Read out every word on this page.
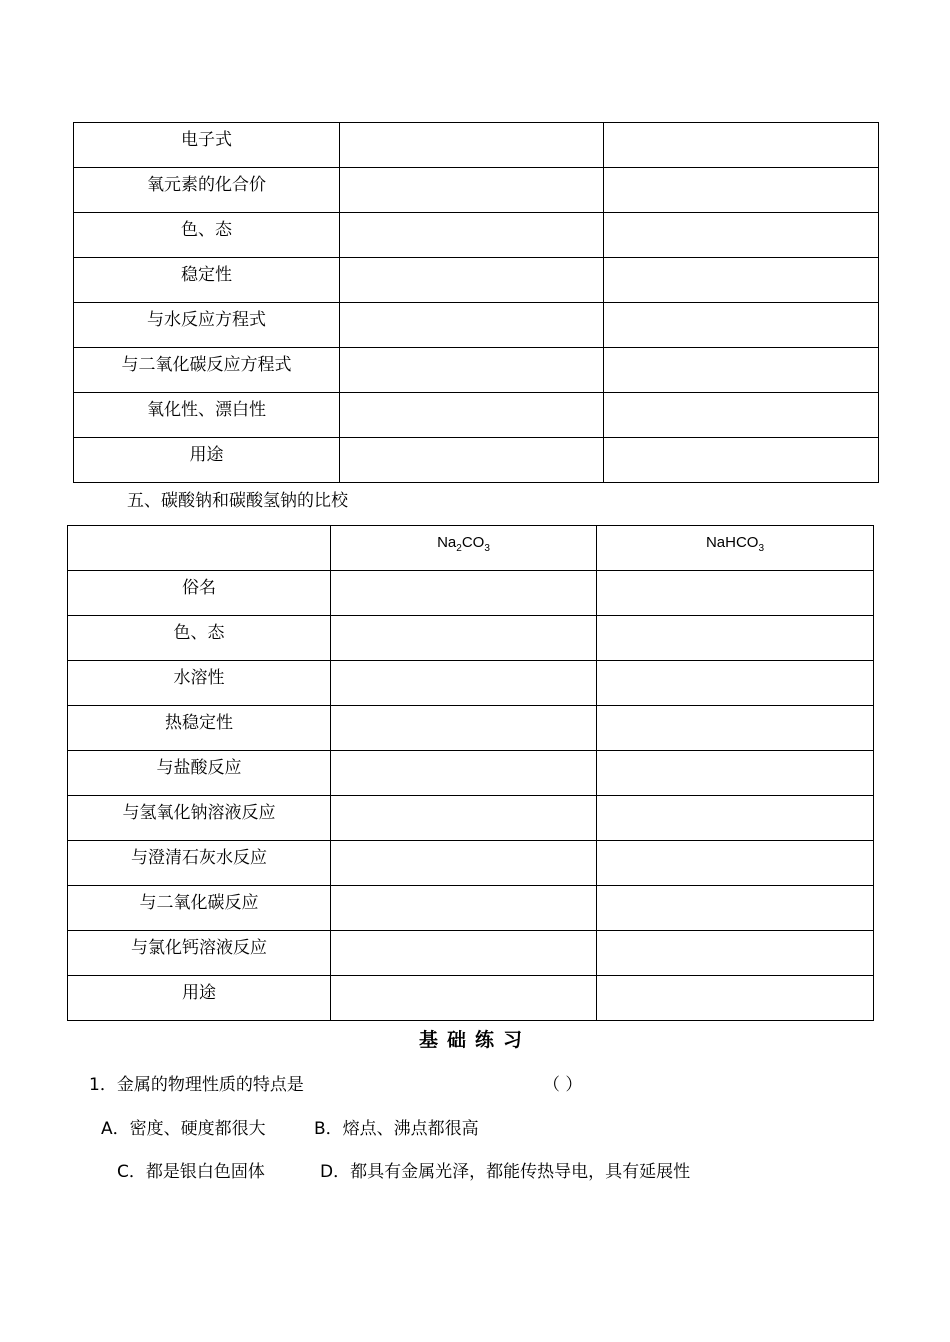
电子式		

氧元素的化合价		

色、态		

稳定性		

与水反应方程式		

与二氧化碳反应方程式		

氧化性、漂白性		

用途		

五、碳酸钠和碳酸氢钠的比校

	$Na_2CO_3$	NaHCO$_3$

俗名		

色、态		

水溶性		

热稳定性		

与盐酸反应		

与氢氧化钠溶液反应		

与澄清石灰水反应		

与二氧化碳反应		

与氯化钙溶液反应		

用途		

基础练习
1．金属的物理性质的特点是	（ ）
A．密度、硬度都很大	B．熔点、沸点都很高
C．都是银白色固体	D．都具有金属光泽，都能传热导电，具有延展性
